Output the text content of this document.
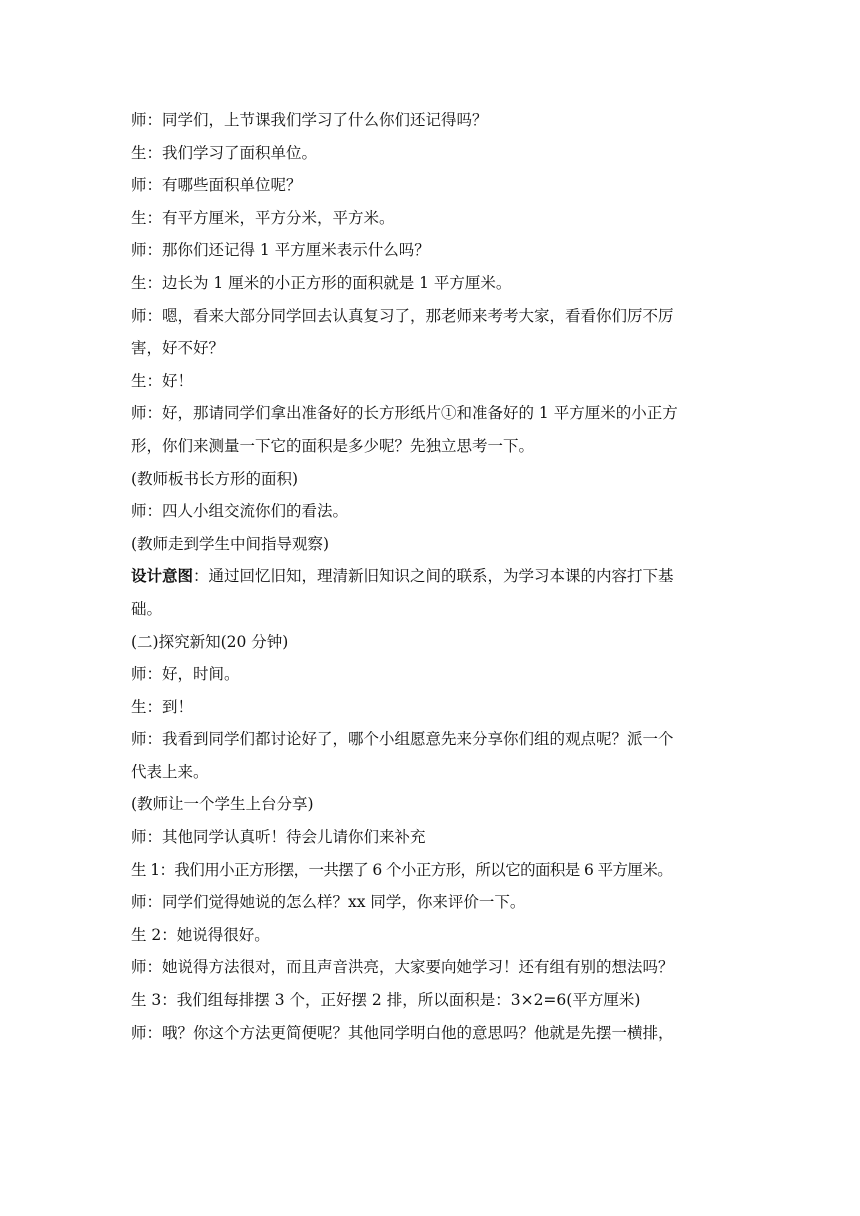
师：同学们，上节课我们学习了什么你们还记得吗？
生：我们学习了面积单位。
师：有哪些面积单位呢？
生：有平方厘米，平方分米，平方米。
师：那你们还记得 1 平方厘米表示什么吗？
生：边长为 1 厘米的小正方形的面积就是 1 平方厘米。
师：嗯，看来大部分同学回去认真复习了，那老师来考考大家，看看你们厉不厉
害，好不好？
生：好！
师：好，那请同学们拿出准备好的长方形纸片①和准备好的 1 平方厘米的小正方
形，你们来测量一下它的面积是多少呢？先独立思考一下。
(教师板书长方形的面积)
师：四人小组交流你们的看法。
(教师走到学生中间指导观察)
设计意图：通过回忆旧知，理清新旧知识之间的联系，为学习本课的内容打下基
础。
(二)探究新知(20 分钟)
师：好，时间。
生：到！
师：我看到同学们都讨论好了，哪个小组愿意先来分享你们组的观点呢？派一个
代表上来。
(教师让一个学生上台分享)
师：其他同学认真听！待会儿请你们来补充
生 1：我们用小正方形摆，一共摆了 6 个小正方形，所以它的面积是 6 平方厘米。
师：同学们觉得她说的怎么样？xx 同学，你来评价一下。
生 2：她说得很好。
师：她说得方法很对，而且声音洪亮，大家要向她学习！还有组有别的想法吗？
生 3：我们组每排摆 3 个，正好摆 2 排，所以面积是：3×2=6(平方厘米)
师：哦？你这个方法更简便呢？其他同学明白他的意思吗？他就是先摆一横排，
